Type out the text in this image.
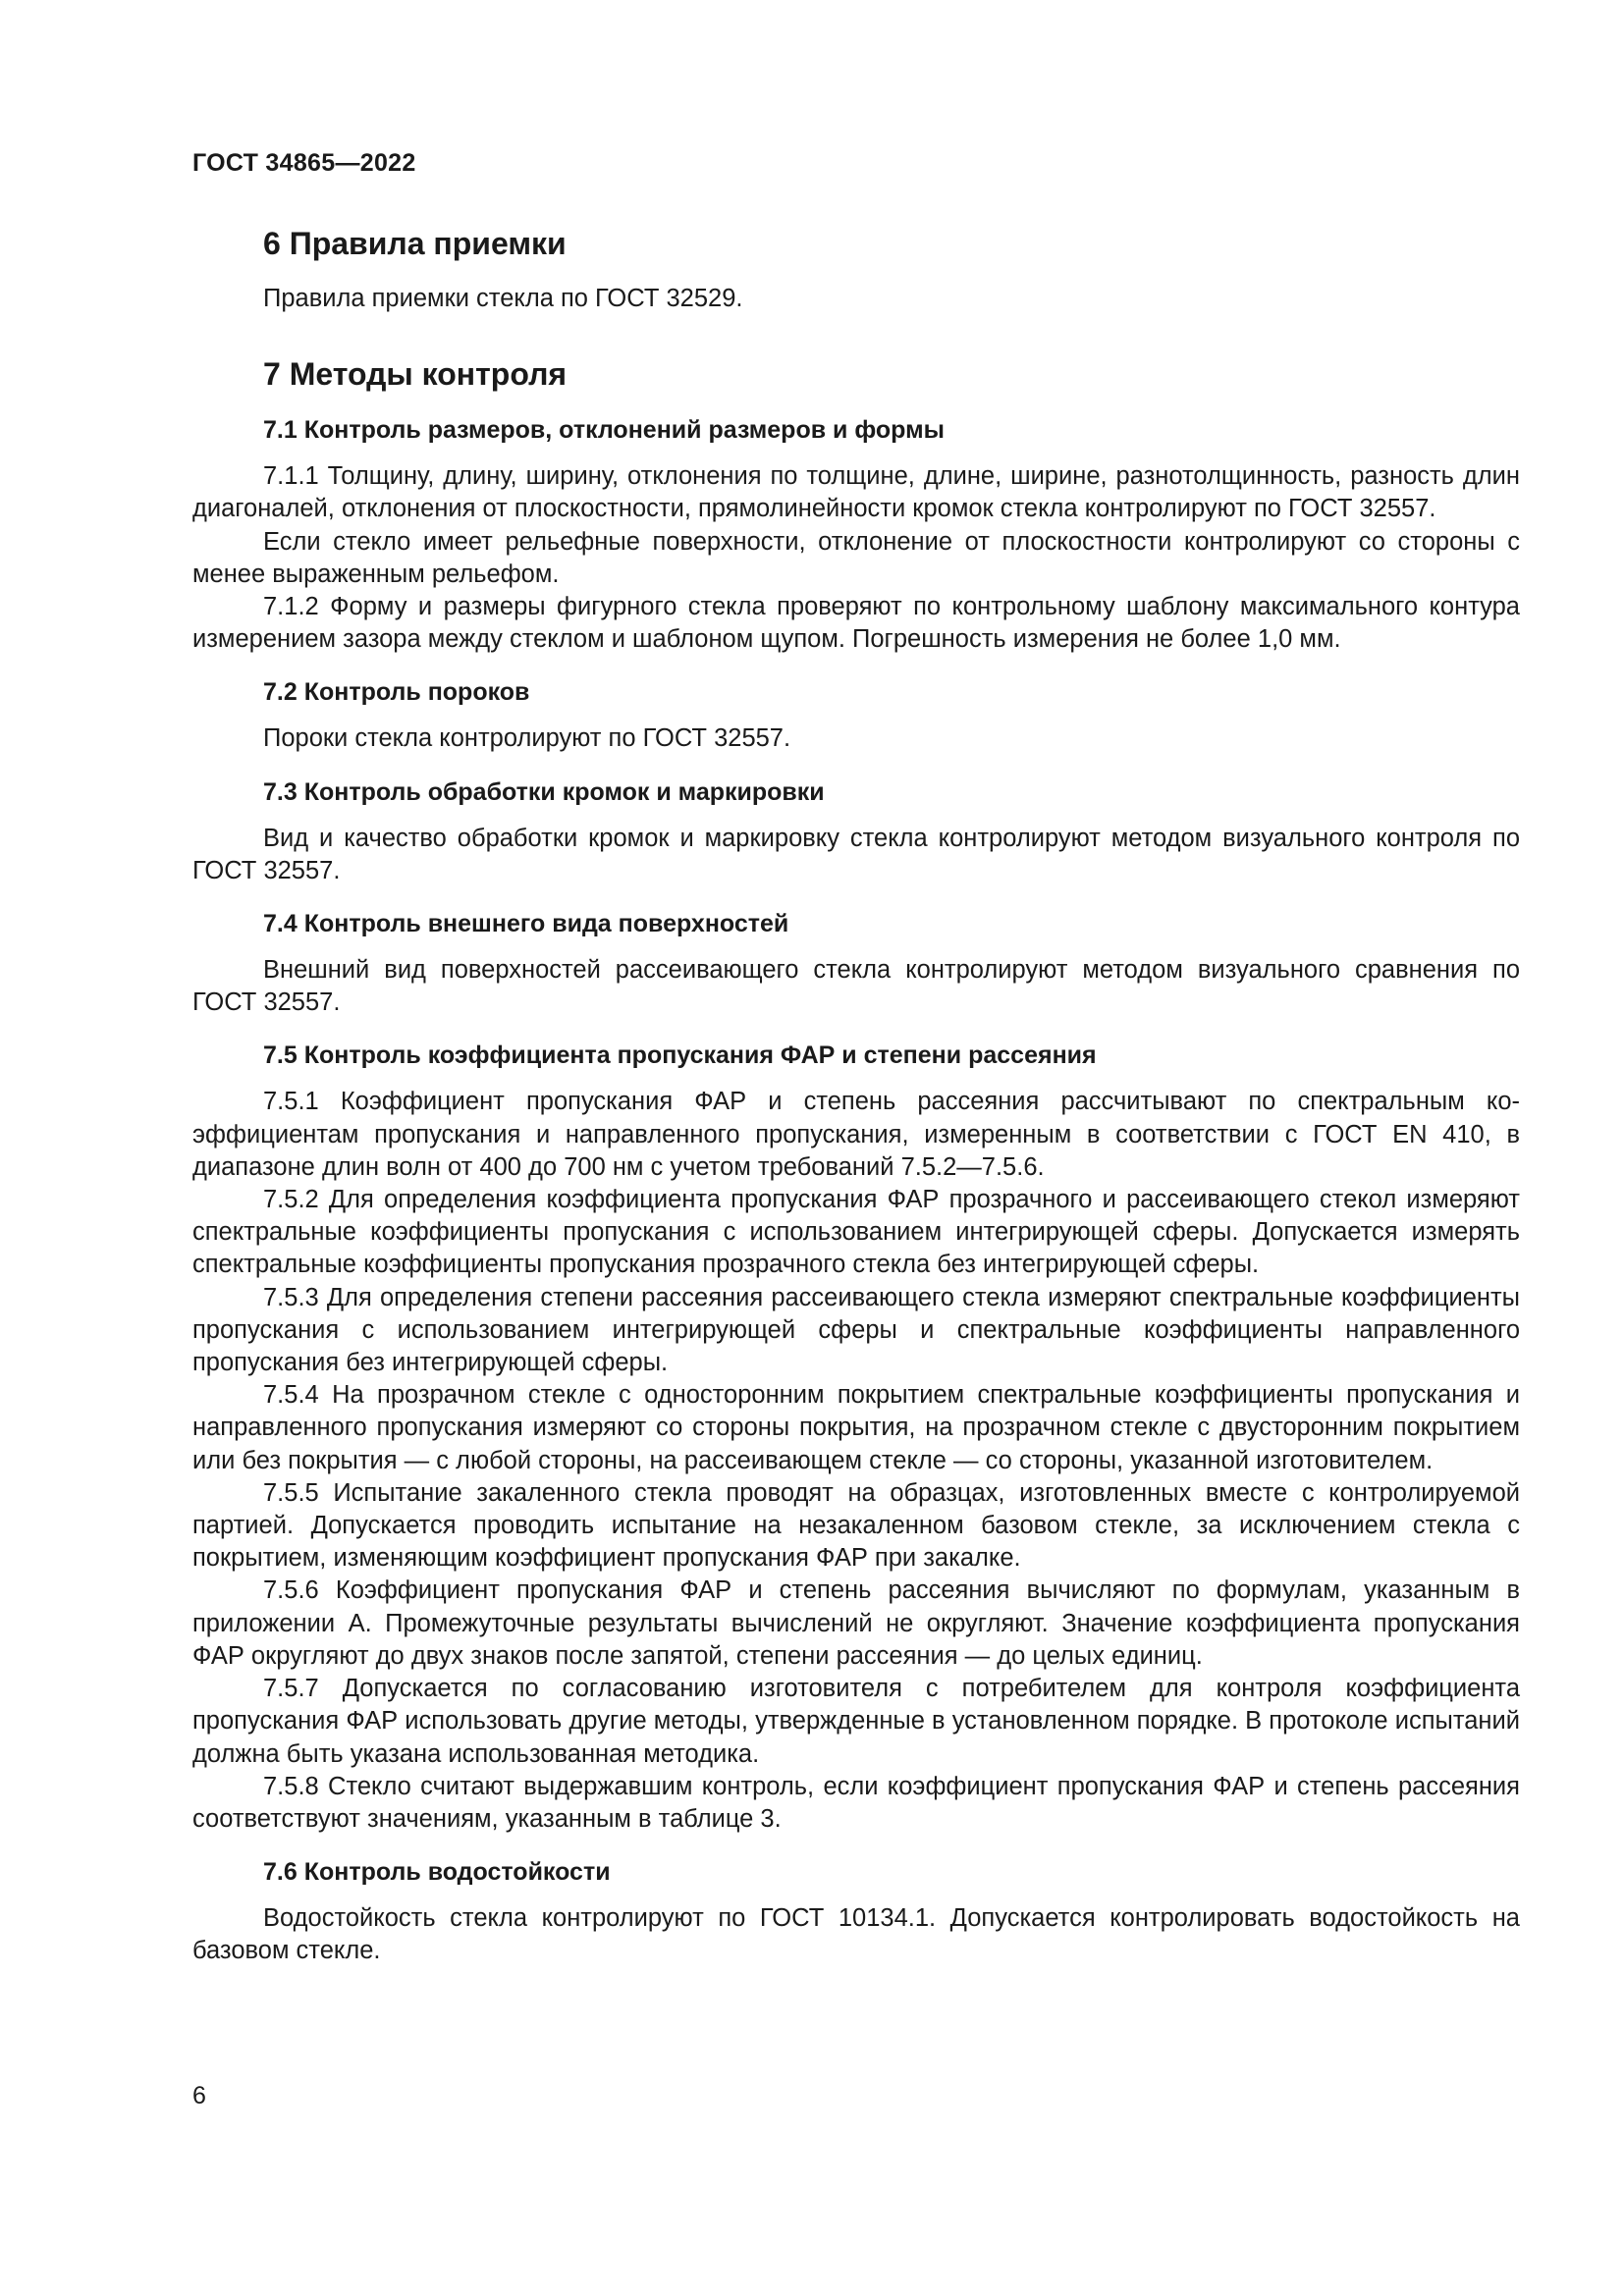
ГОСТ 34865—2022
6 Правила приемки

Правила приемки стекла по ГОСТ 32529.

7 Методы контроля
7.1 Контроль размеров, отклонений размеров и формы

7.1.1 Толщину, длину, ширину, отклонения по толщине, длине, ширине, разнотолщинность, разность длин диагоналей, отклонения от плоскостности, прямолинейности кромок стекла контролируют по ГОСТ 32557.

Если стекло имеет рельефные поверхности, отклонение от плоскостности контролируют со стороны с менее выраженным рельефом.

7.1.2 Форму и размеры фигурного стекла проверяют по контрольному шаблону максимального контура измерением зазора между стеклом и шаблоном щупом. Погрешность измерения не более 1,0 мм.

7.2 Контроль пороков

Пороки стекла контролируют по ГОСТ 32557.

7.3 Контроль обработки кромок и маркировки

Вид и качество обработки кромок и маркировку стекла контролируют методом визуального контроля по ГОСТ 32557.

7.4 Контроль внешнего вида поверхностей

Внешний вид поверхностей рассеивающего стекла контролируют методом визуального сравнения по ГОСТ 32557.

7.5 Контроль коэффициента пропускания ФАР и степени рассеяния

7.5.1 Коэффициент пропускания ФАР и степень рассеяния рассчитывают по спектральным коэффициентам пропускания и направленного пропускания, измеренным в соответствии с ГОСТ EN 410, в диапазоне длин волн от 400 до 700 нм с учетом требований 7.5.2—7.5.6.

7.5.2 Для определения коэффициента пропускания ФАР прозрачного и рассеивающего стекол измеряют спектральные коэффициенты пропускания с использованием интегрирующей сферы. Допускается измерять спектральные коэффициенты пропускания прозрачного стекла без интегрирующей сферы.

7.5.3 Для определения степени рассеяния рассеивающего стекла измеряют спектральные коэффициенты пропускания с использованием интегрирующей сферы и спектральные коэффициенты направленного пропускания без интегрирующей сферы.

7.5.4 На прозрачном стекле с односторонним покрытием спектральные коэффициенты пропускания и направленного пропускания измеряют со стороны покрытия, на прозрачном стекле с двусторонним покрытием или без покрытия — с любой стороны, на рассеивающем стекле — со стороны, указанной изготовителем.

7.5.5 Испытание закаленного стекла проводят на образцах, изготовленных вместе с контролируемой партией. Допускается проводить испытание на незакаленном базовом стекле, за исключением стекла с покрытием, изменяющим коэффициент пропускания ФАР при закалке.

7.5.6 Коэффициент пропускания ФАР и степень рассеяния вычисляют по формулам, указанным в приложении А. Промежуточные результаты вычислений не округляют. Значение коэффициента пропускания ФАР округляют до двух знаков после запятой, степени рассеяния — до целых единиц.

7.5.7 Допускается по согласованию изготовителя с потребителем для контроля коэффициента пропускания ФАР использовать другие методы, утвержденные в установленном порядке. В протоколе испытаний должна быть указана использованная методика.

7.5.8 Стекло считают выдержавшим контроль, если коэффициент пропускания ФАР и степень рассеяния соответствуют значениям, указанным в таблице 3.

7.6 Контроль водостойкости

Водостойкость стекла контролируют по ГОСТ 10134.1. Допускается контролировать водостойкость на базовом стекле.

6
